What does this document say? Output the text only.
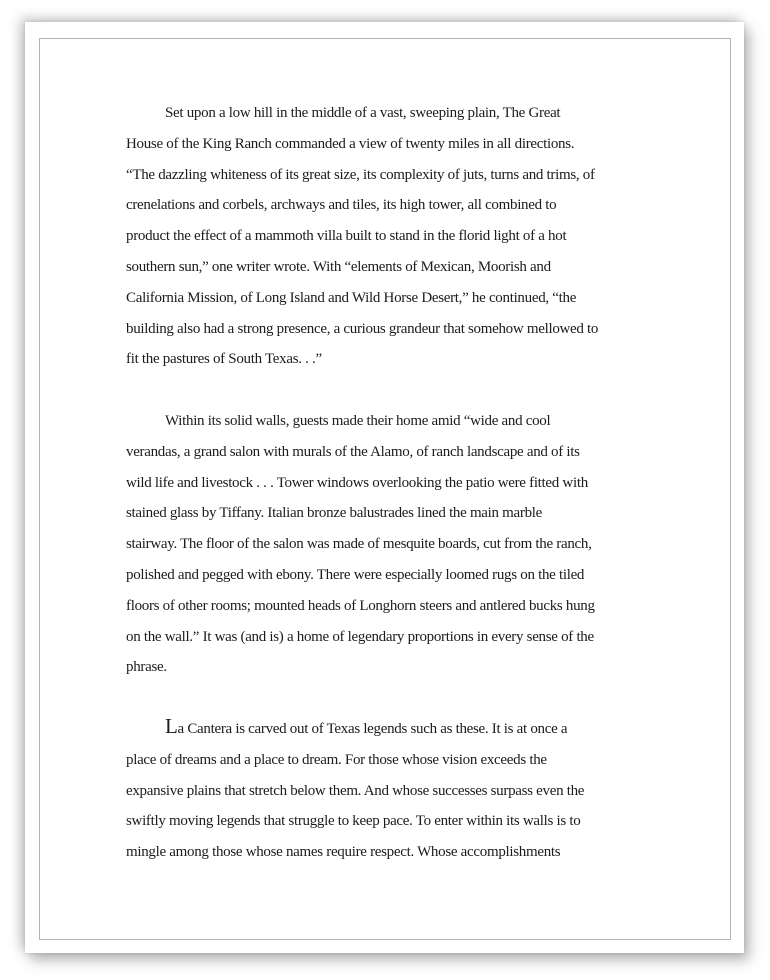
Set upon a low hill in the middle of a vast, sweeping plain, The Great
House of the King Ranch commanded a view of twenty miles in all directions.
“The dazzling whiteness of its great size, its complexity of juts, turns and trims, of
crenelations and corbels, archways and tiles, its high tower, all combined to
product the effect of a mammoth villa built to stand in the florid light of a hot
southern sun,” one writer wrote. With “elements of Mexican, Moorish and
California Mission, of Long Island and Wild Horse Desert,” he continued, “the
building also had a strong presence, a curious grandeur that somehow mellowed to
fit the pastures of South Texas. . .”
Within its solid walls, guests made their home amid “wide and cool
verandas, a grand salon with murals of the Alamo, of ranch landscape and of its
wild life and livestock . . . Tower windows overlooking the patio were fitted with
stained glass by Tiffany. Italian bronze balustrades lined the main marble
stairway. The floor of the salon was made of mesquite boards, cut from the ranch,
polished and pegged with ebony. There were especially loomed rugs on the tiled
floors of other rooms; mounted heads of Longhorn steers and antlered bucks hung
on the wall.” It was (and is) a home of legendary proportions in every sense of the
phrase.
La Cantera is carved out of Texas legends such as these. It is at once a
place of dreams and a place to dream. For those whose vision exceeds the
expansive plains that stretch below them. And whose successes surpass even the
swiftly moving legends that struggle to keep pace. To enter within its walls is to
mingle among those whose names require respect. Whose accomplishments
